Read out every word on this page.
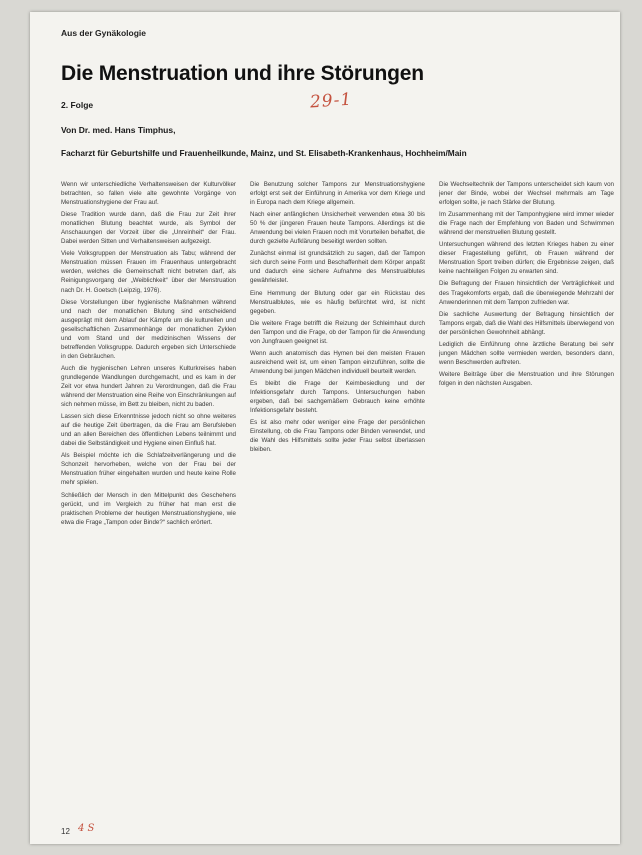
Aus der Gynäkologie
Die Menstruation und ihre Störungen
29-1
2. Folge
Von Dr. med. Hans Timphus,
Facharzt für Geburtshilfe und Frauenheilkunde, Mainz, und St. Elisabeth-Krankenhaus, Hochheim/Main

Wenn wir unterschiedliche Verhaltensweisen der Kulturvölker betrachten, so fallen viele alte gewohnte Vorgänge von Menstruationshygiene der Frau auf.

Diese Tradition wurde dann, daß die Frau zur Zeit ihrer monatlichen Blutung beachtet wurde, als Symbol der Anschauungen der Vorzeit über die „Unreinheit“ der Frau. Dabei werden Sitten und Verhaltensweisen aufgezeigt.

Viele Volksgruppen der Menstruation als Tabu; während der Menstruation müssen Frauen im Frauenhaus untergebracht werden, welches die Gemeinschaft nicht betreten darf, als Reinigungsvorgang der „Weiblichkeit“ über der Menstruation nach Dr. H. Goetsch (Leipzig, 1976).

Diese Vorstellungen über hygienische Maßnahmen während und nach der monatlichen Blutung sind entscheidend ausgeprägt mit dem Ablauf der Kämpfe um die kulturellen und gesellschaftlichen Zusammenhänge der monatlichen Zyklen und vom Stand und der medizinischen Wissens der betreffenden Volksgruppe. Dadurch ergeben sich Unterschiede in den Gebräuchen.

Auch die hygienischen Lehren unseres Kulturkreises haben grundlegende Wandlungen durchgemacht, und es kam in der Zeit vor etwa hundert Jahren zu Verordnungen, daß die Frau während der Menstruation eine Reihe von Einschränkungen auf sich nehmen müsse, im Bett zu bleiben, nicht zu baden.

Lassen sich diese Erkenntnisse jedoch nicht so ohne weiteres auf die heutige Zeit übertragen, da die Frau am Berufsleben und an allen Bereichen des öffentlichen Lebens teilnimmt und dabei die Selbständigkeit und Hygiene einen Einfluß hat.

Als Beispiel möchte ich die Schlafzeitverlängerung und die Schonzeit hervorheben, welche von der Frau bei der Menstruation früher eingehalten wurden und heute keine Rolle mehr spielen.

Schließlich der Mensch in den Mittelpunkt des Geschehens gerückt, und im Vergleich zu früher hat man erst die praktischen Probleme der heutigen Menstruationshygiene, wie etwa die Frage „Tampon oder Binde?“ sachlich erörtert.

Die Benutzung solcher Tampons zur Menstruationshygiene erfolgt erst seit der Einführung in Amerika vor dem Kriege und in Europa nach dem Kriege allgemein.

Nach einer anfänglichen Unsicherheit verwenden etwa 30 bis 50 % der jüngeren Frauen heute Tampons. Allerdings ist die Anwendung bei vielen Frauen noch mit Vorurteilen behaftet, die durch gezielte Aufklärung beseitigt werden sollten.

Zunächst einmal ist grundsätzlich zu sagen, daß der Tampon sich durch seine Form und Beschaffenheit dem Körper anpaßt und dadurch eine sichere Aufnahme des Menstrualblutes gewährleistet.

Eine Hemmung der Blutung oder gar ein Rückstau des Menstrualblutes, wie es häufig befürchtet wird, ist nicht gegeben.

Die weitere Frage betrifft die Reizung der Schleimhaut durch den Tampon und die Frage, ob der Tampon für die Anwendung von Jungfrauen geeignet ist.

Wenn auch anatomisch das Hymen bei den meisten Frauen ausreichend weit ist, um einen Tampon einzuführen, sollte die Anwendung bei jungen Mädchen individuell beurteilt werden.

Es bleibt die Frage der Keimbesiedlung und der Infektionsgefahr durch Tampons. Untersuchungen haben ergeben, daß bei sachgemäßem Gebrauch keine erhöhte Infektionsgefahr besteht.

Es ist also mehr oder weniger eine Frage der persönlichen Einstellung, ob die Frau Tampons oder Binden verwendet, und die Wahl des Hilfsmittels sollte jeder Frau selbst überlassen bleiben.

Die Wechseltechnik der Tampons unterscheidet sich kaum von jener der Binde, wobei der Wechsel mehrmals am Tage erfolgen sollte, je nach Stärke der Blutung.

Im Zusammenhang mit der Tamponhygiene wird immer wieder die Frage nach der Empfehlung von Baden und Schwimmen während der menstruellen Blutung gestellt.

Untersuchungen während des letzten Krieges haben zu einer dieser Fragestellung geführt, ob Frauen während der Menstruation Sport treiben dürfen; die Ergebnisse zeigen, daß keine nachteiligen Folgen zu erwarten sind.

Die Befragung der Frauen hinsichtlich der Verträglichkeit und des Tragekomforts ergab, daß die überwiegende Mehrzahl der Anwenderinnen mit dem Tampon zufrieden war.

Die sachliche Auswertung der Befragung hinsichtlich der Tampons ergab, daß die Wahl des Hilfsmittels überwiegend von der persönlichen Gewohnheit abhängt.

Lediglich die Einführung ohne ärztliche Beratung bei sehr jungen Mädchen sollte vermieden werden, besonders dann, wenn Beschwerden auftreten.

Weitere Beiträge über die Menstruation und ihre Störungen folgen in den nächsten Ausgaben.

12 4 S
